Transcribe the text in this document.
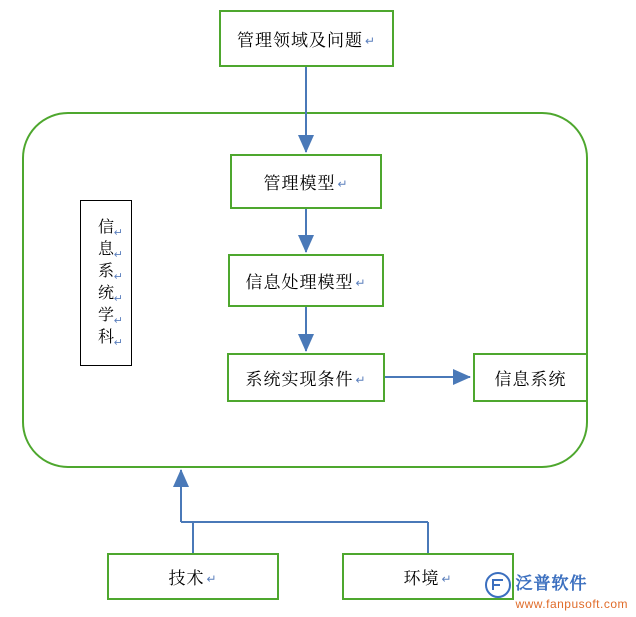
管理领域及问题 ↵
信 ↵
息 ↵
系 ↵
统 ↵
学 ↵
科 ↵
管理模型 ↵
信息处理模型 ↵
系统实现条件 ↵	信息系统
技术 ↵	环境 ↵	泛普软件
www.fanpusoft.com
